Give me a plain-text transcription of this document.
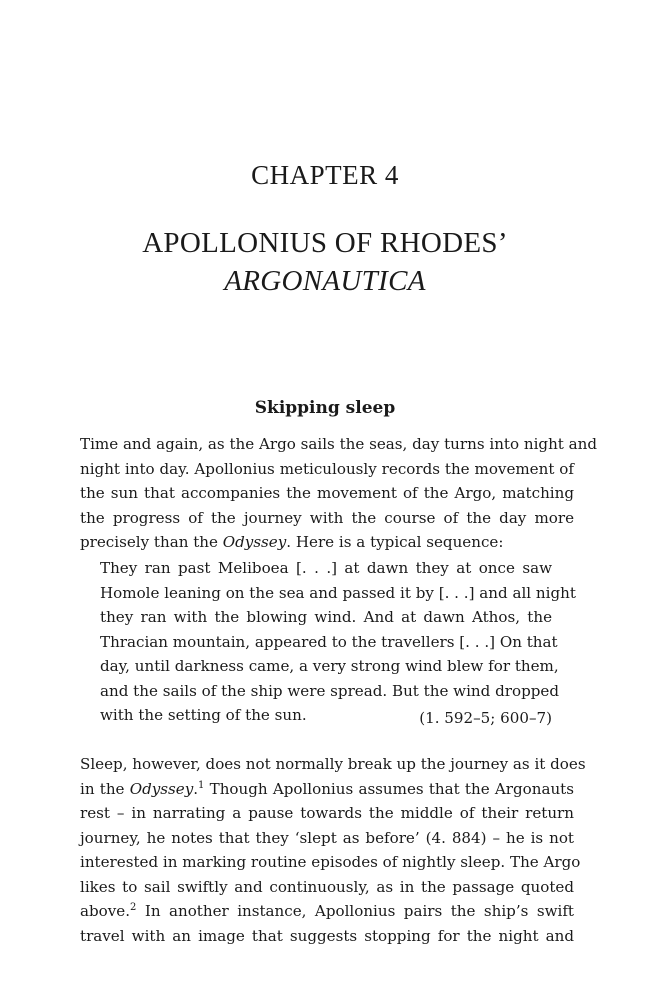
CHAPTER 4
APOLLONIUS OF RHODES’
ARGONAUTICA
Skipping sleep
Time and again, as the Argo sails the seas, day turns into night and
night into day. Apollonius meticulously records the movement of
the sun that accompanies the movement of the Argo, matching
the progress of the journey with the course of the day more
precisely than the Odyssey. Here is a typical sequence:
They ran past Meliboea [. . .] at dawn they at once saw
Homole leaning on the sea and passed it by [. . .] and all night
they ran with the blowing wind. And at dawn Athos, the
Thracian mountain, appeared to the travellers [. . .] On that
day, until darkness came, a very strong wind blew for them,
and the sails of the ship were spread. But the wind dropped
with the setting of the sun.	(1. 592–5; 600–7)
Sleep, however, does not normally break up the journey as it does
in the Odyssey.$^1$ Though Apollonius assumes that the Argonauts
rest – in narrating a pause towards the middle of their return
journey, he notes that they ‘slept as before’ (4. 884) – he is not
interested in marking routine episodes of nightly sleep. The Argo
likes to sail swiftly and continuously, as in the passage quoted
above.$^2$ In another instance, Apollonius pairs the ship’s swift
travel with an image that suggests stopping for the night and
